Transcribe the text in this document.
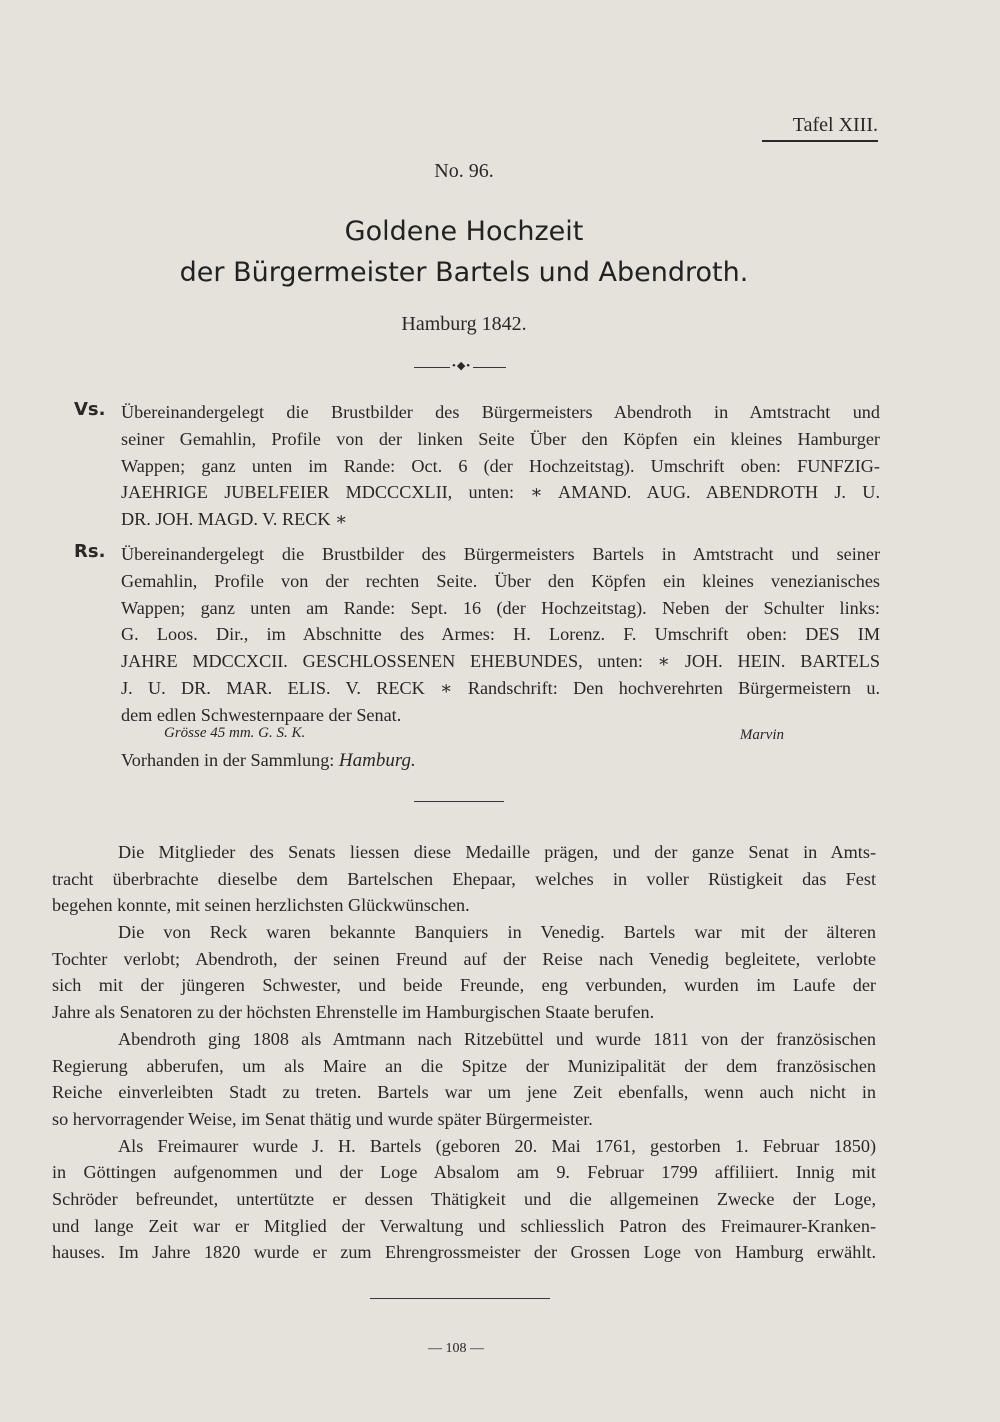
Tafel XIII.
No. 96.
Goldene Hochzeit
der Bürgermeister Bartels und Abendroth.
Hamburg 1842.
•◆•
Vs. Übereinandergelegt die Brustbilder des Bürgermeisters Abendroth in Amtstracht und
seiner Gemahlin, Profile von der linken Seite Über den Köpfen ein kleines Hamburger
Wappen; ganz unten im Rande: Oct. 6 (der Hochzeitstag). Umschrift oben: FUNFZIG-
JAEHRIGE JUBELFEIER MDCCCXLII, unten: ∗ AMAND. AUG. ABENDROTH J. U.
DR. JOH. MAGD. V. RECK ∗
Rs. Übereinandergelegt die Brustbilder des Bürgermeisters Bartels in Amtstracht und seiner
Gemahlin, Profile von der rechten Seite. Über den Köpfen ein kleines venezianisches
Wappen; ganz unten am Rande: Sept. 16 (der Hochzeitstag). Neben der Schulter links:
G. Loos. Dir., im Abschnitte des Armes: H. Lorenz. F. Umschrift oben: DES IM
JAHRE MDCCXCII. GESCHLOSSENEN EHEBUNDES, unten: ∗ JOH. HEIN. BARTELS
J. U. DR. MAR. ELIS. V. RECK ∗ Randschrift: Den hochverehrten Bürgermeistern u.
dem edlen Schwesternpaare der Senat.
Grösse 45 mm. G. S. K.	Marvin
Vorhanden in der Sammlung: Hamburg.
Die Mitglieder des Senats liessen diese Medaille prägen, und der ganze Senat in Amts-
tracht überbrachte dieselbe dem Bartelschen Ehepaar, welches in voller Rüstigkeit das Fest
begehen konnte, mit seinen herzlichsten Glückwünschen.
Die von Reck waren bekannte Banquiers in Venedig. Bartels war mit der älteren
Tochter verlobt; Abendroth, der seinen Freund auf der Reise nach Venedig begleitete, verlobte
sich mit der jüngeren Schwester, und beide Freunde, eng verbunden, wurden im Laufe der
Jahre als Senatoren zu der höchsten Ehrenstelle im Hamburgischen Staate berufen.
Abendroth ging 1808 als Amtmann nach Ritzebüttel und wurde 1811 von der französischen
Regierung abberufen, um als Maire an die Spitze der Munizipalität der dem französischen
Reiche einverleibten Stadt zu treten. Bartels war um jene Zeit ebenfalls, wenn auch nicht in
so hervorragender Weise, im Senat thätig und wurde später Bürgermeister.
Als Freimaurer wurde J. H. Bartels (geboren 20. Mai 1761, gestorben 1. Februar 1850)
in Göttingen aufgenommen und der Loge Absalom am 9. Februar 1799 affiliiert. Innig mit
Schröder befreundet, untertützte er dessen Thätigkeit und die allgemeinen Zwecke der Loge,
und lange Zeit war er Mitglied der Verwaltung und schliesslich Patron des Freimaurer-Kranken-
hauses. Im Jahre 1820 wurde er zum Ehrengrossmeister der Grossen Loge von Hamburg erwählt.
— 108 —
